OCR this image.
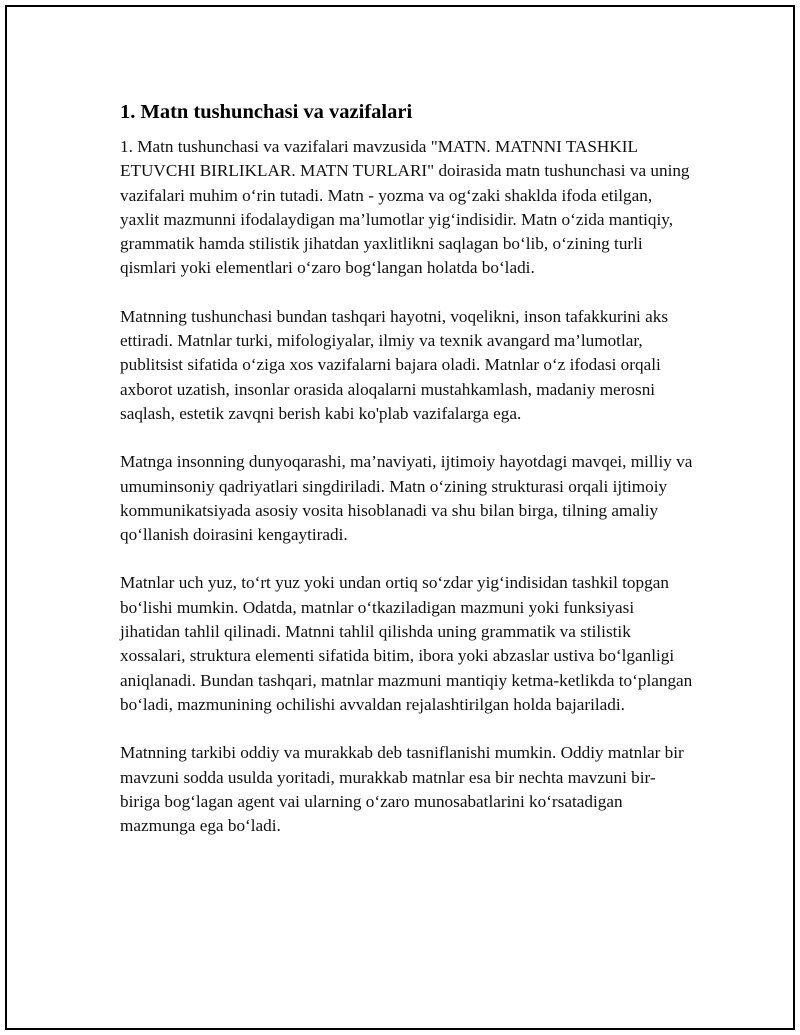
1. Matn tushunchasi va vazifalari

1. Matn tushunchasi va vazifalari mavzusida "MATN. MATNNI TASHKIL ETUVCHI BIRLIKLAR. MATN TURLARI" doirasida matn tushunchasi va uning vazifalari muhim o‘rin tutadi. Matn - yozma va og‘zaki shaklda ifoda etilgan, yaxlit mazmunni ifodalaydigan ma’lumotlar yig‘indisidir. Matn o‘zida mantiqiy, grammatik hamda stilistik jihatdan yaxlitlikni saqlagan bo‘lib, o‘zining turli qismlari yoki elementlari o‘zaro bog‘langan holatda bo‘ladi.

Matnning tushunchasi bundan tashqari hayotni, voqelikni, inson tafakkurini aks ettiradi. Matnlar turki, mifologiyalar, ilmiy va texnik avangard ma’lumotlar, publitsist sifatida o‘ziga xos vazifalarni bajara oladi. Matnlar o‘z ifodasi orqali axborot uzatish, insonlar orasida aloqalarni mustahkamlash, madaniy merosni saqlash, estetik zavqni berish kabi ko'plab vazifalarga ega.

Matnga insonning dunyoqarashi, ma’naviyati, ijtimoiy hayotdagi mavqei, milliy va umuminsoniy qadriyatlari singdiriladi. Matn o‘zining strukturasi orqali ijtimoiy kommunikatsiyada asosiy vosita hisoblanadi va shu bilan birga, tilning amaliy qo‘llanish doirasini kengaytiradi.

Matnlar uch yuz, to‘rt yuz yoki undan ortiq so‘zdar yig‘indisidan tashkil topgan bo‘lishi mumkin. Odatda, matnlar o‘tkaziladigan mazmuni yoki funksiyasi jihatidan tahlil qilinadi. Matnni tahlil qilishda uning grammatik va stilistik xossalari, struktura elementi sifatida bitim, ibora yoki abzaslar ustiva bo‘lganligi aniqlanadi. Bundan tashqari, matnlar mazmuni mantiqiy ketma-ketlikda to‘plangan bo‘ladi, mazmunining ochilishi avvaldan rejalashtirilgan holda bajariladi.

Matnning tarkibi oddiy va murakkab deb tasniflanishi mumkin. Oddiy matnlar bir mavzuni sodda usulda yoritadi, murakkab matnlar esa bir nechta mavzuni bir-biriga bog‘lagan agent vai ularning o‘zaro munosabatlarini ko‘rsatadigan mazmunga ega bo‘ladi.
